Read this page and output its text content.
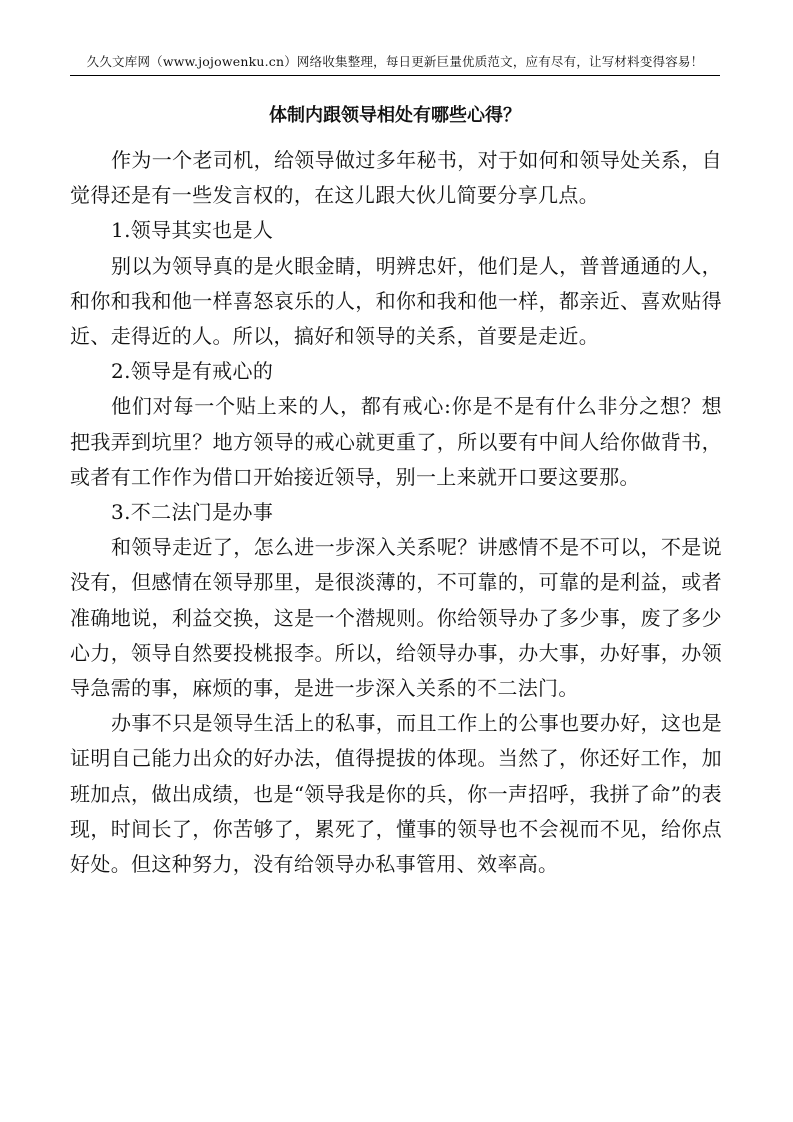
久久文库网（www.jojowenku.cn）网络收集整理，每日更新巨量优质范文，应有尽有，让写材料变得容易！
体制内跟领导相处有哪些心得？

作为一个老司机，给领导做过多年秘书，对于如何和领导处关系，自觉得还是有一些发言权的，在这儿跟大伙儿简要分享几点。

1.领导其实也是人

别以为领导真的是火眼金睛，明辨忠奸，他们是人，普普通通的人，和你和我和他一样喜怒哀乐的人，和你和我和他一样，都亲近、喜欢贴得近、走得近的人。所以，搞好和领导的关系，首要是走近。

2.领导是有戒心的

他们对每一个贴上来的人，都有戒心:你是不是有什么非分之想？想把我弄到坑里？地方领导的戒心就更重了，所以要有中间人给你做背书，或者有工作作为借口开始接近领导，别一上来就开口要这要那。

3.不二法门是办事

和领导走近了，怎么进一步深入关系呢？讲感情不是不可以，不是说没有，但感情在领导那里，是很淡薄的，不可靠的，可靠的是利益，或者准确地说，利益交换，这是一个潜规则。你给领导办了多少事，废了多少心力，领导自然要投桃报李。所以，给领导办事，办大事，办好事，办领导急需的事，麻烦的事，是进一步深入关系的不二法门。

办事不只是领导生活上的私事，而且工作上的公事也要办好，这也是证明自己能力出众的好办法，值得提拔的体现。当然了，你还好工作，加班加点，做出成绩，也是“领导我是你的兵，你一声招呼，我拼了命”的表现，时间长了，你苦够了，累死了，懂事的领导也不会视而不见，给你点好处。但这种努力，没有给领导办私事管用、效率高。
